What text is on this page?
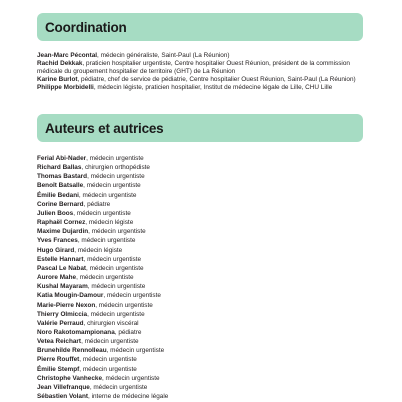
Coordination

Jean-Marc Pécontal, médecin généraliste, Saint-Paul (La Réunion)

Rachid Dekkak, praticien hospitalier urgentiste, Centre hospitalier Ouest Réunion, président de la commission médicale du groupement hospitalier de territoire (GHT) de La Réunion

Karine Burlot, pédiatre, chef de service de pédiatrie, Centre hospitalier Ouest Réunion, Saint-Paul (La Réunion)

Philippe Morbidelli, médecin légiste, praticien hospitalier, Institut de médecine légale de Lille, CHU Lille

Auteurs et autrices
Ferial Abi-Nader, médecin urgentiste
Richard Ballas, chirurgien orthopédiste
Thomas Bastard, médecin urgentiste
Benoît Batsalle, médecin urgentiste
Émilie Bedani, médecin urgentiste
Corine Bernard, pédiatre
Julien Boos, médecin urgentiste
Raphaël Cornez, médecin légiste
Maxime Dujardin, médecin urgentiste
Yves Frances, médecin urgentiste
Hugo Girard, médecin légiste
Estelle Hannart, médecin urgentiste
Pascal Le Nabat, médecin urgentiste
Aurore Mahe, médecin urgentiste
Kushal Mayaram, médecin urgentiste
Katia Mougin-Damour, médecin urgentiste
Marie-Pierre Nexon, médecin urgentiste
Thierry Olmiccia, médecin urgentiste
Valérie Perraud, chirurgien viscéral
Noro Rakotomampionana, pédiatre
Vetea Reichart, médecin urgentiste
Brunehilde Rennolleau, médecin urgentiste
Pierre Rouffet, médecin urgentiste
Émilie Stempf, médecin urgentiste
Christophe Vanhecke, médecin urgentiste
Jean Villefranque, médecin urgentiste
Sébastien Volant, interne de médecine légale
